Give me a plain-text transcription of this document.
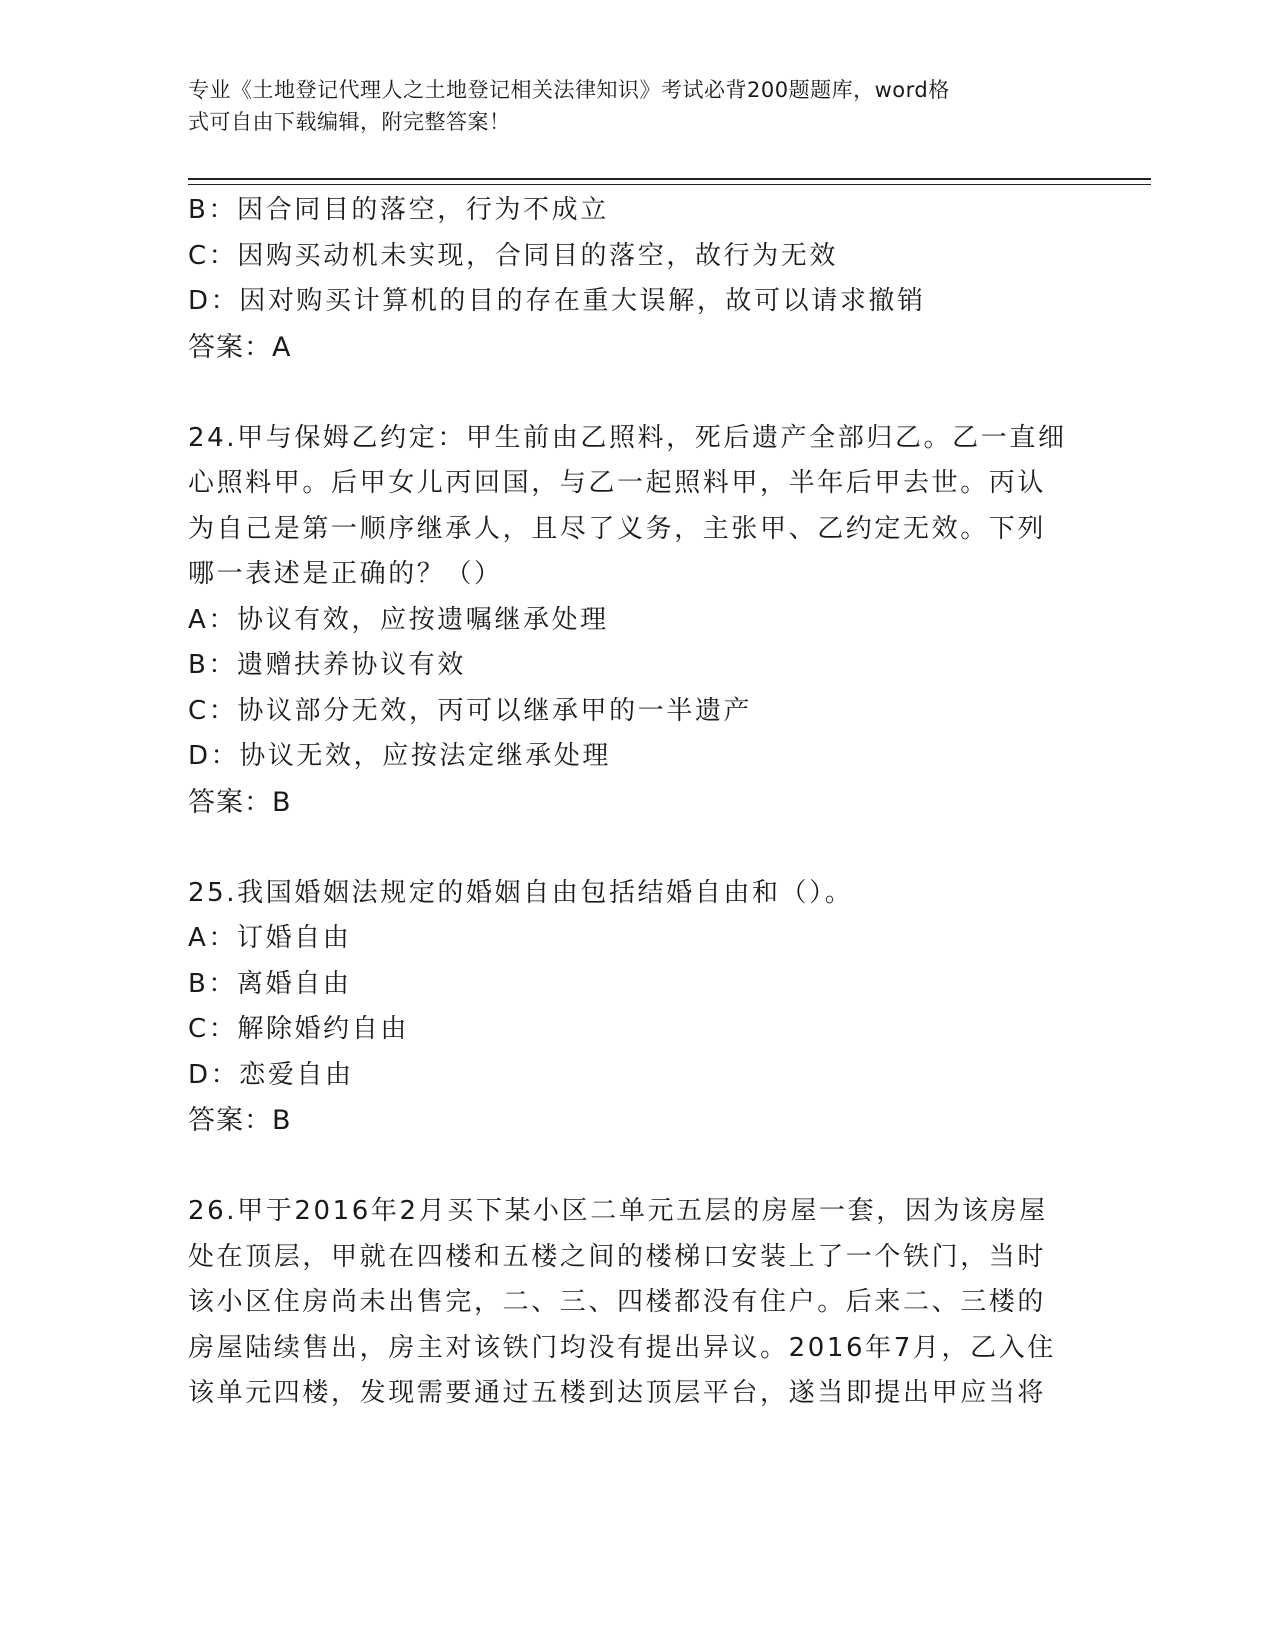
专业《土地登记代理人之土地登记相关法律知识》考试必背200题题库，word格
式可自由下载编辑，附完整答案！
B：因合同目的落空，行为不成立
C：因购买动机未实现，合同目的落空，故行为无效
D：因对购买计算机的目的存在重大误解，故可以请求撤销
答案：A
24.甲与保姆乙约定：甲生前由乙照料，死后遗产全部归乙。乙一直细
心照料甲。后甲女儿丙回国，与乙一起照料甲，半年后甲去世。丙认
为自己是第一顺序继承人，且尽了义务，主张甲、乙约定无效。下列
哪一表述是正确的？（）
A：协议有效，应按遗嘱继承处理
B：遗赠扶养协议有效
C：协议部分无效，丙可以继承甲的一半遗产
D：协议无效，应按法定继承处理
答案：B
25.我国婚姻法规定的婚姻自由包括结婚自由和（）。
A：订婚自由
B：离婚自由
C：解除婚约自由
D：恋爱自由
答案：B
26.甲于2016年2月买下某小区二单元五层的房屋一套，因为该房屋
处在顶层，甲就在四楼和五楼之间的楼梯口安装上了一个铁门，当时
该小区住房尚未出售完，二、三、四楼都没有住户。后来二、三楼的
房屋陆续售出，房主对该铁门均没有提出异议。2016年7月，乙入住
该单元四楼，发现需要通过五楼到达顶层平台，遂当即提出甲应当将
